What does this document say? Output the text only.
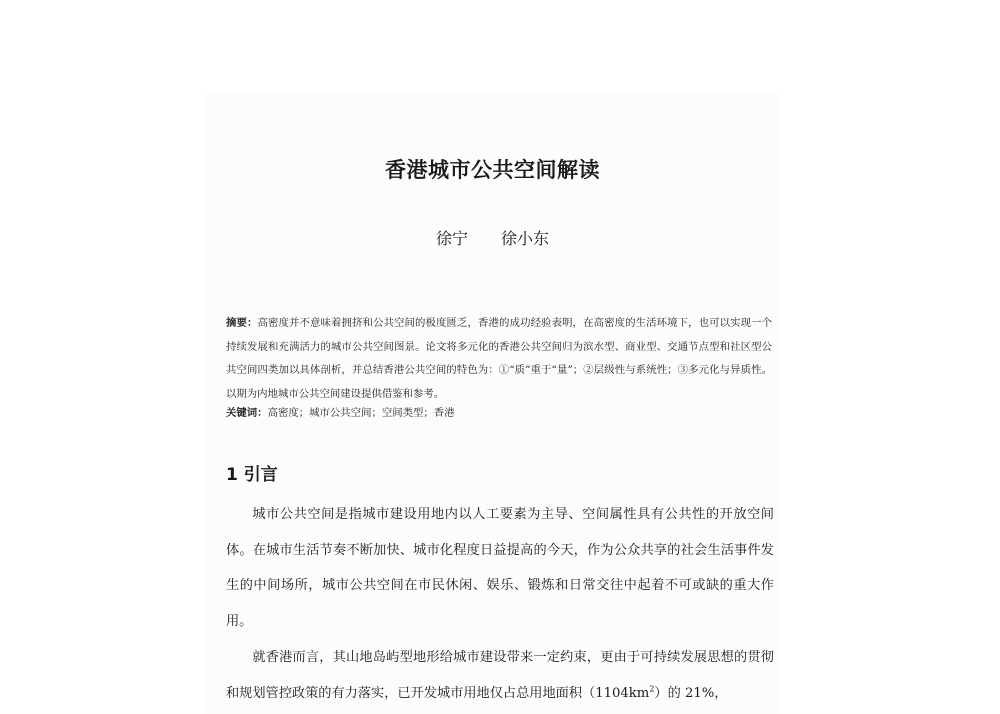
香港城市公共空间解读
徐宁 徐小东
摘要：高密度并不意味着拥挤和公共空间的极度匮乏，香港的成功经验表明，在高密度的生活环境下，也可以实现一个持续发展和充满活力的城市公共空间图景。论文将多元化的香港公共空间归为滨水型、商业型、交通节点型和社区型公共空间四类加以具体剖析，并总结香港公共空间的特色为：①“质”重于“量”；②层级性与系统性；③多元化与异质性。以期为内地城市公共空间建设提供借鉴和参考。
关键词：高密度；城市公共空间；空间类型；香港
1 引言
城市公共空间是指城市建设用地内以人工要素为主导、空间属性具有公共性的开放空间体。在城市生活节奏不断加快、城市化程度日益提高的今天，作为公众共享的社会生活事件发生的中间场所，城市公共空间在市民休闲、娱乐、锻炼和日常交往中起着不可或缺的重大作用。
就香港而言，其山地岛屿型地形给城市建设带来一定约束，更由于可持续发展思想的贯彻和规划管控政策的有力落实，已开发城市用地仅占总用地面积$(1104km^2)$的 21%，
